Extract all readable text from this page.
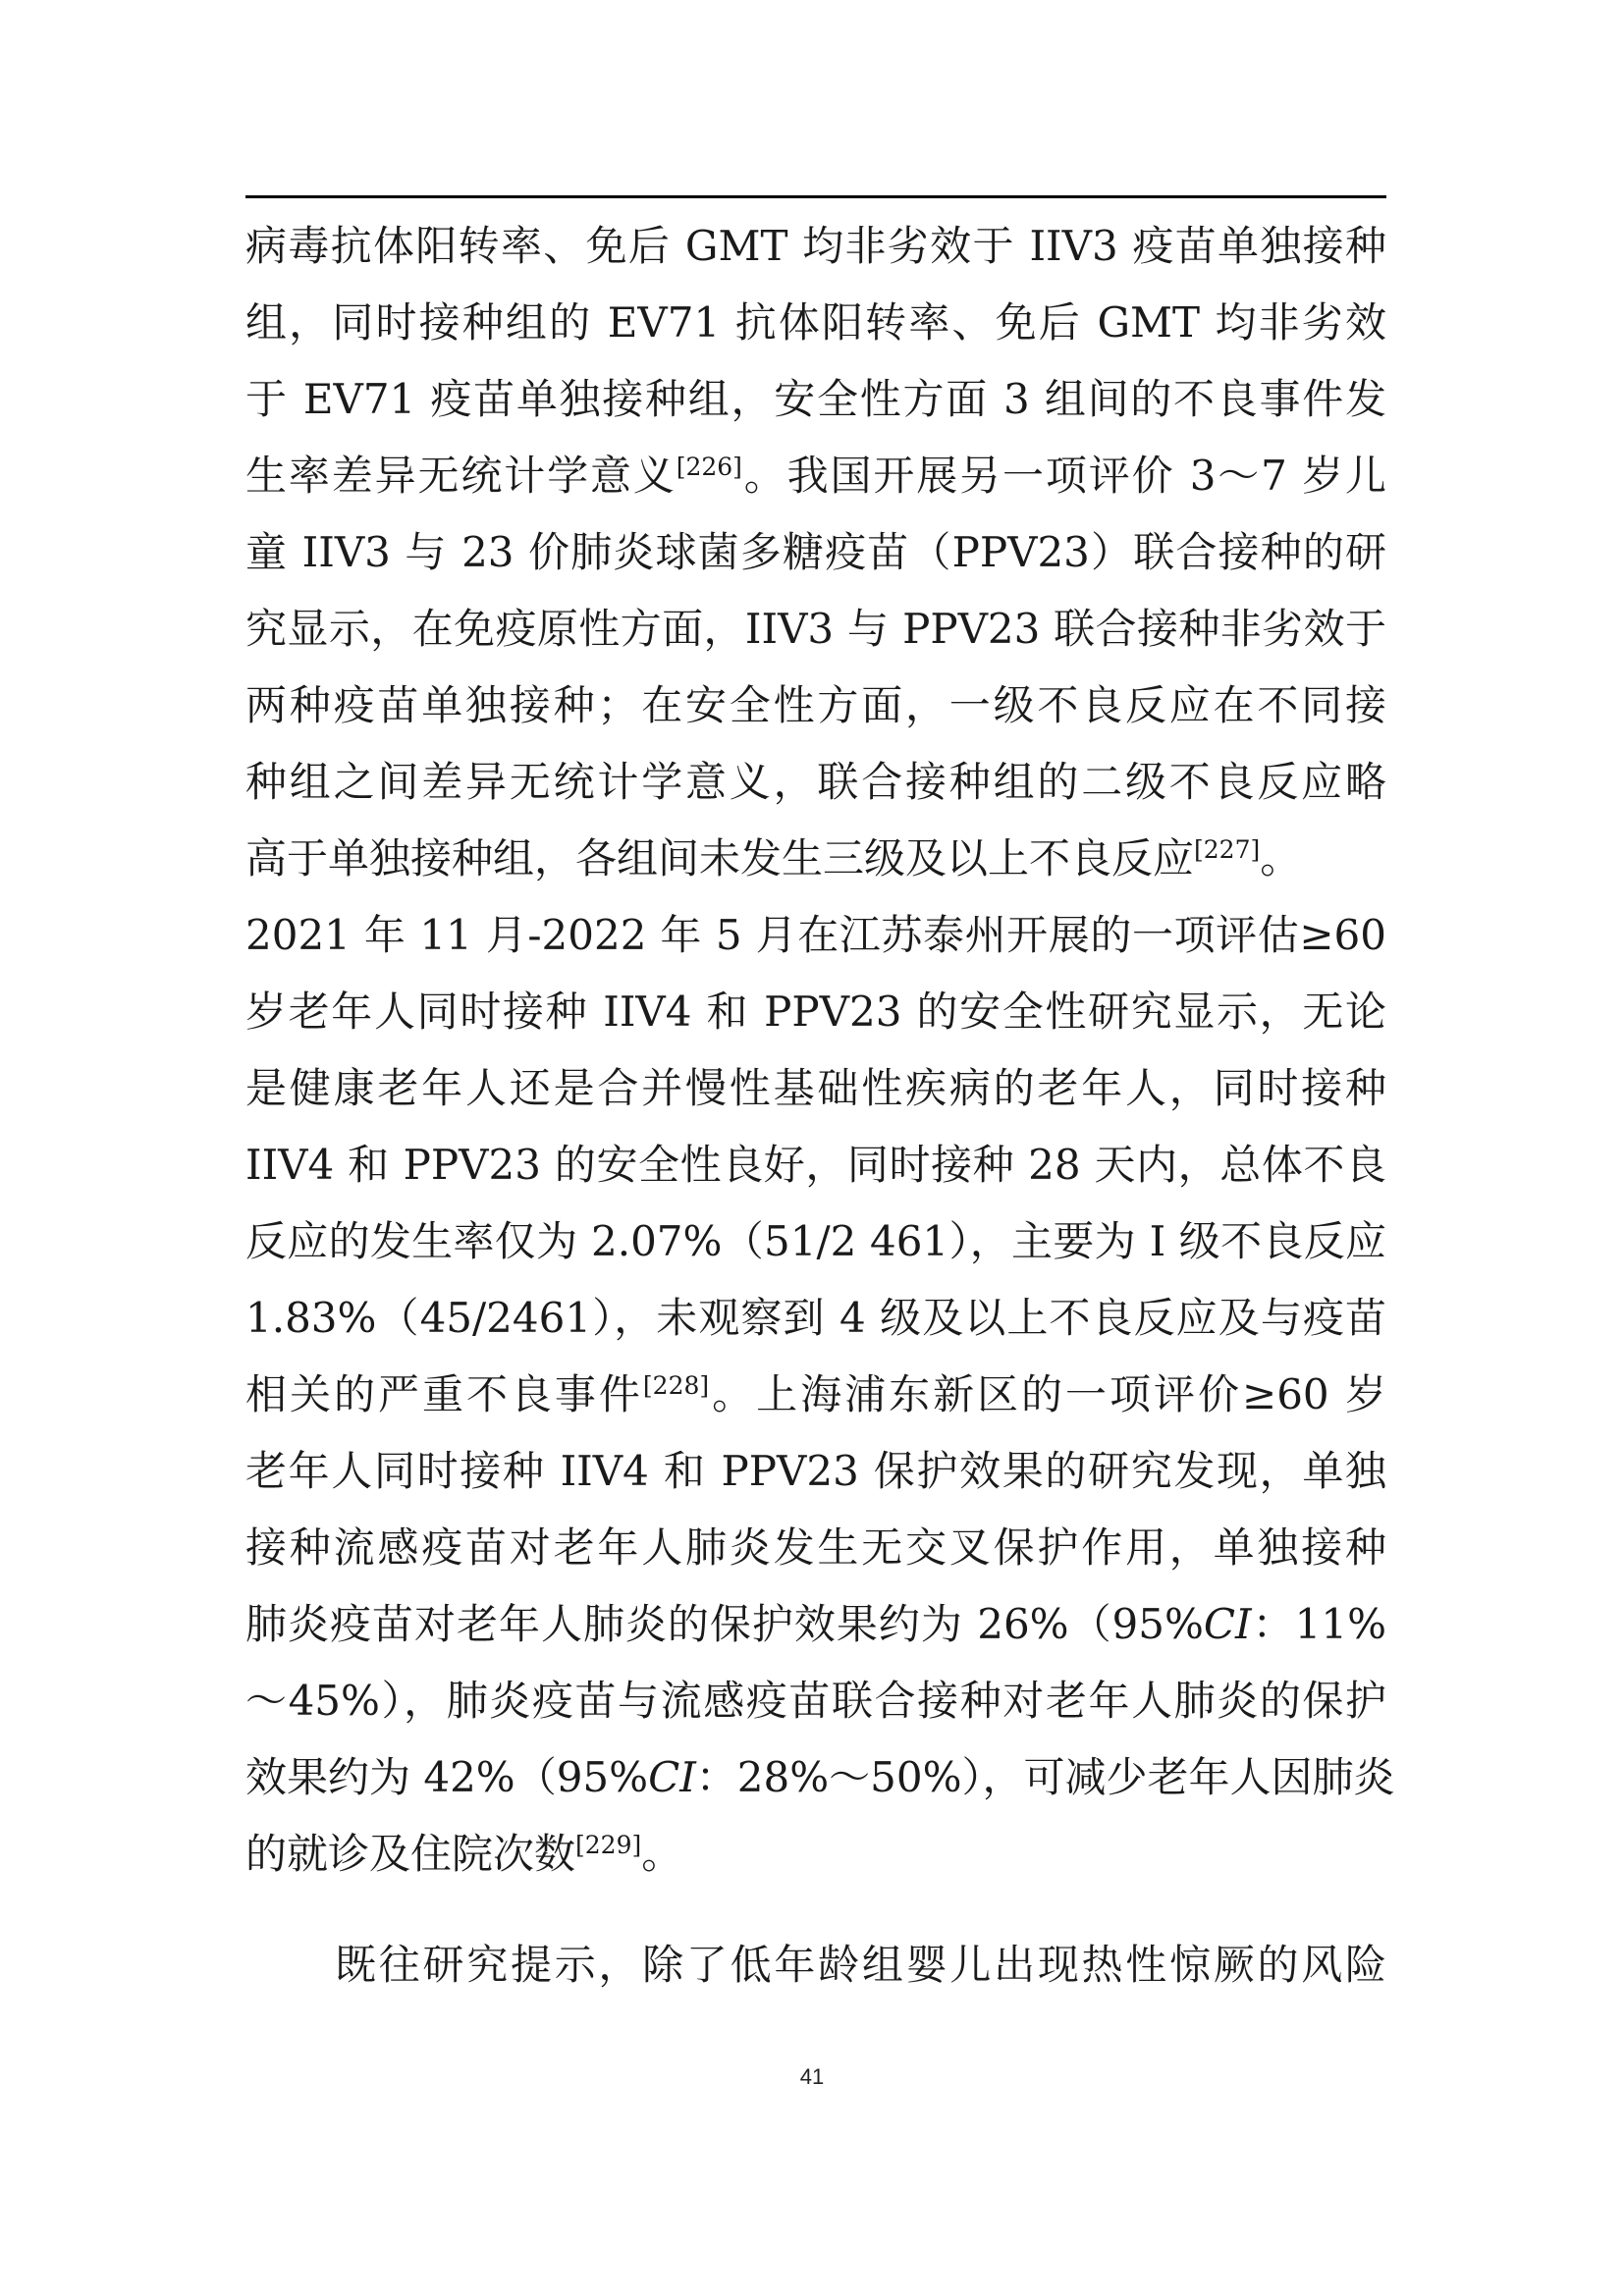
病毒抗体阳转率、免后 GMT 均非劣效于 IIV3 疫苗单独接种
组，同时接种组的 EV71 抗体阳转率、免后 GMT 均非劣效
于 EV71 疫苗单独接种组，安全性方面 3 组间的不良事件发
生率差异无统计学意义[226]。我国开展另一项评价 3～7 岁儿
童 IIV3 与 23 价肺炎球菌多糖疫苗（PPV23）联合接种的研
究显示，在免疫原性方面，IIV3 与 PPV23 联合接种非劣效于
两种疫苗单独接种；在安全性方面，一级不良反应在不同接
种组之间差异无统计学意义，联合接种组的二级不良反应略
高于单独接种组，各组间未发生三级及以上不良反应[227]。
2021 年 11 月-2022 年 5 月在江苏泰州开展的一项评估≥60
岁老年人同时接种 IIV4 和 PPV23 的安全性研究显示，无论
是健康老年人还是合并慢性基础性疾病的老年人，同时接种
IIV4 和 PPV23 的安全性良好，同时接种 28 天内，总体不良
反应的发生率仅为 2.07%（51/2 461），主要为 I 级不良反应
1.83%（45/2461），未观察到 4 级及以上不良反应及与疫苗
相关的严重不良事件[228]。上海浦东新区的一项评价≥60 岁
老年人同时接种 IIV4 和 PPV23 保护效果的研究发现，单独
接种流感疫苗对老年人肺炎发生无交叉保护作用，单独接种
肺炎疫苗对老年人肺炎的保护效果约为 26%（95%CI：11%
～45%），肺炎疫苗与流感疫苗联合接种对老年人肺炎的保护
效果约为 42%（95%CI：28%～50%），可减少老年人因肺炎
的就诊及住院次数[229]。
既往研究提示，除了低年龄组婴儿出现热性惊厥的风险
41
